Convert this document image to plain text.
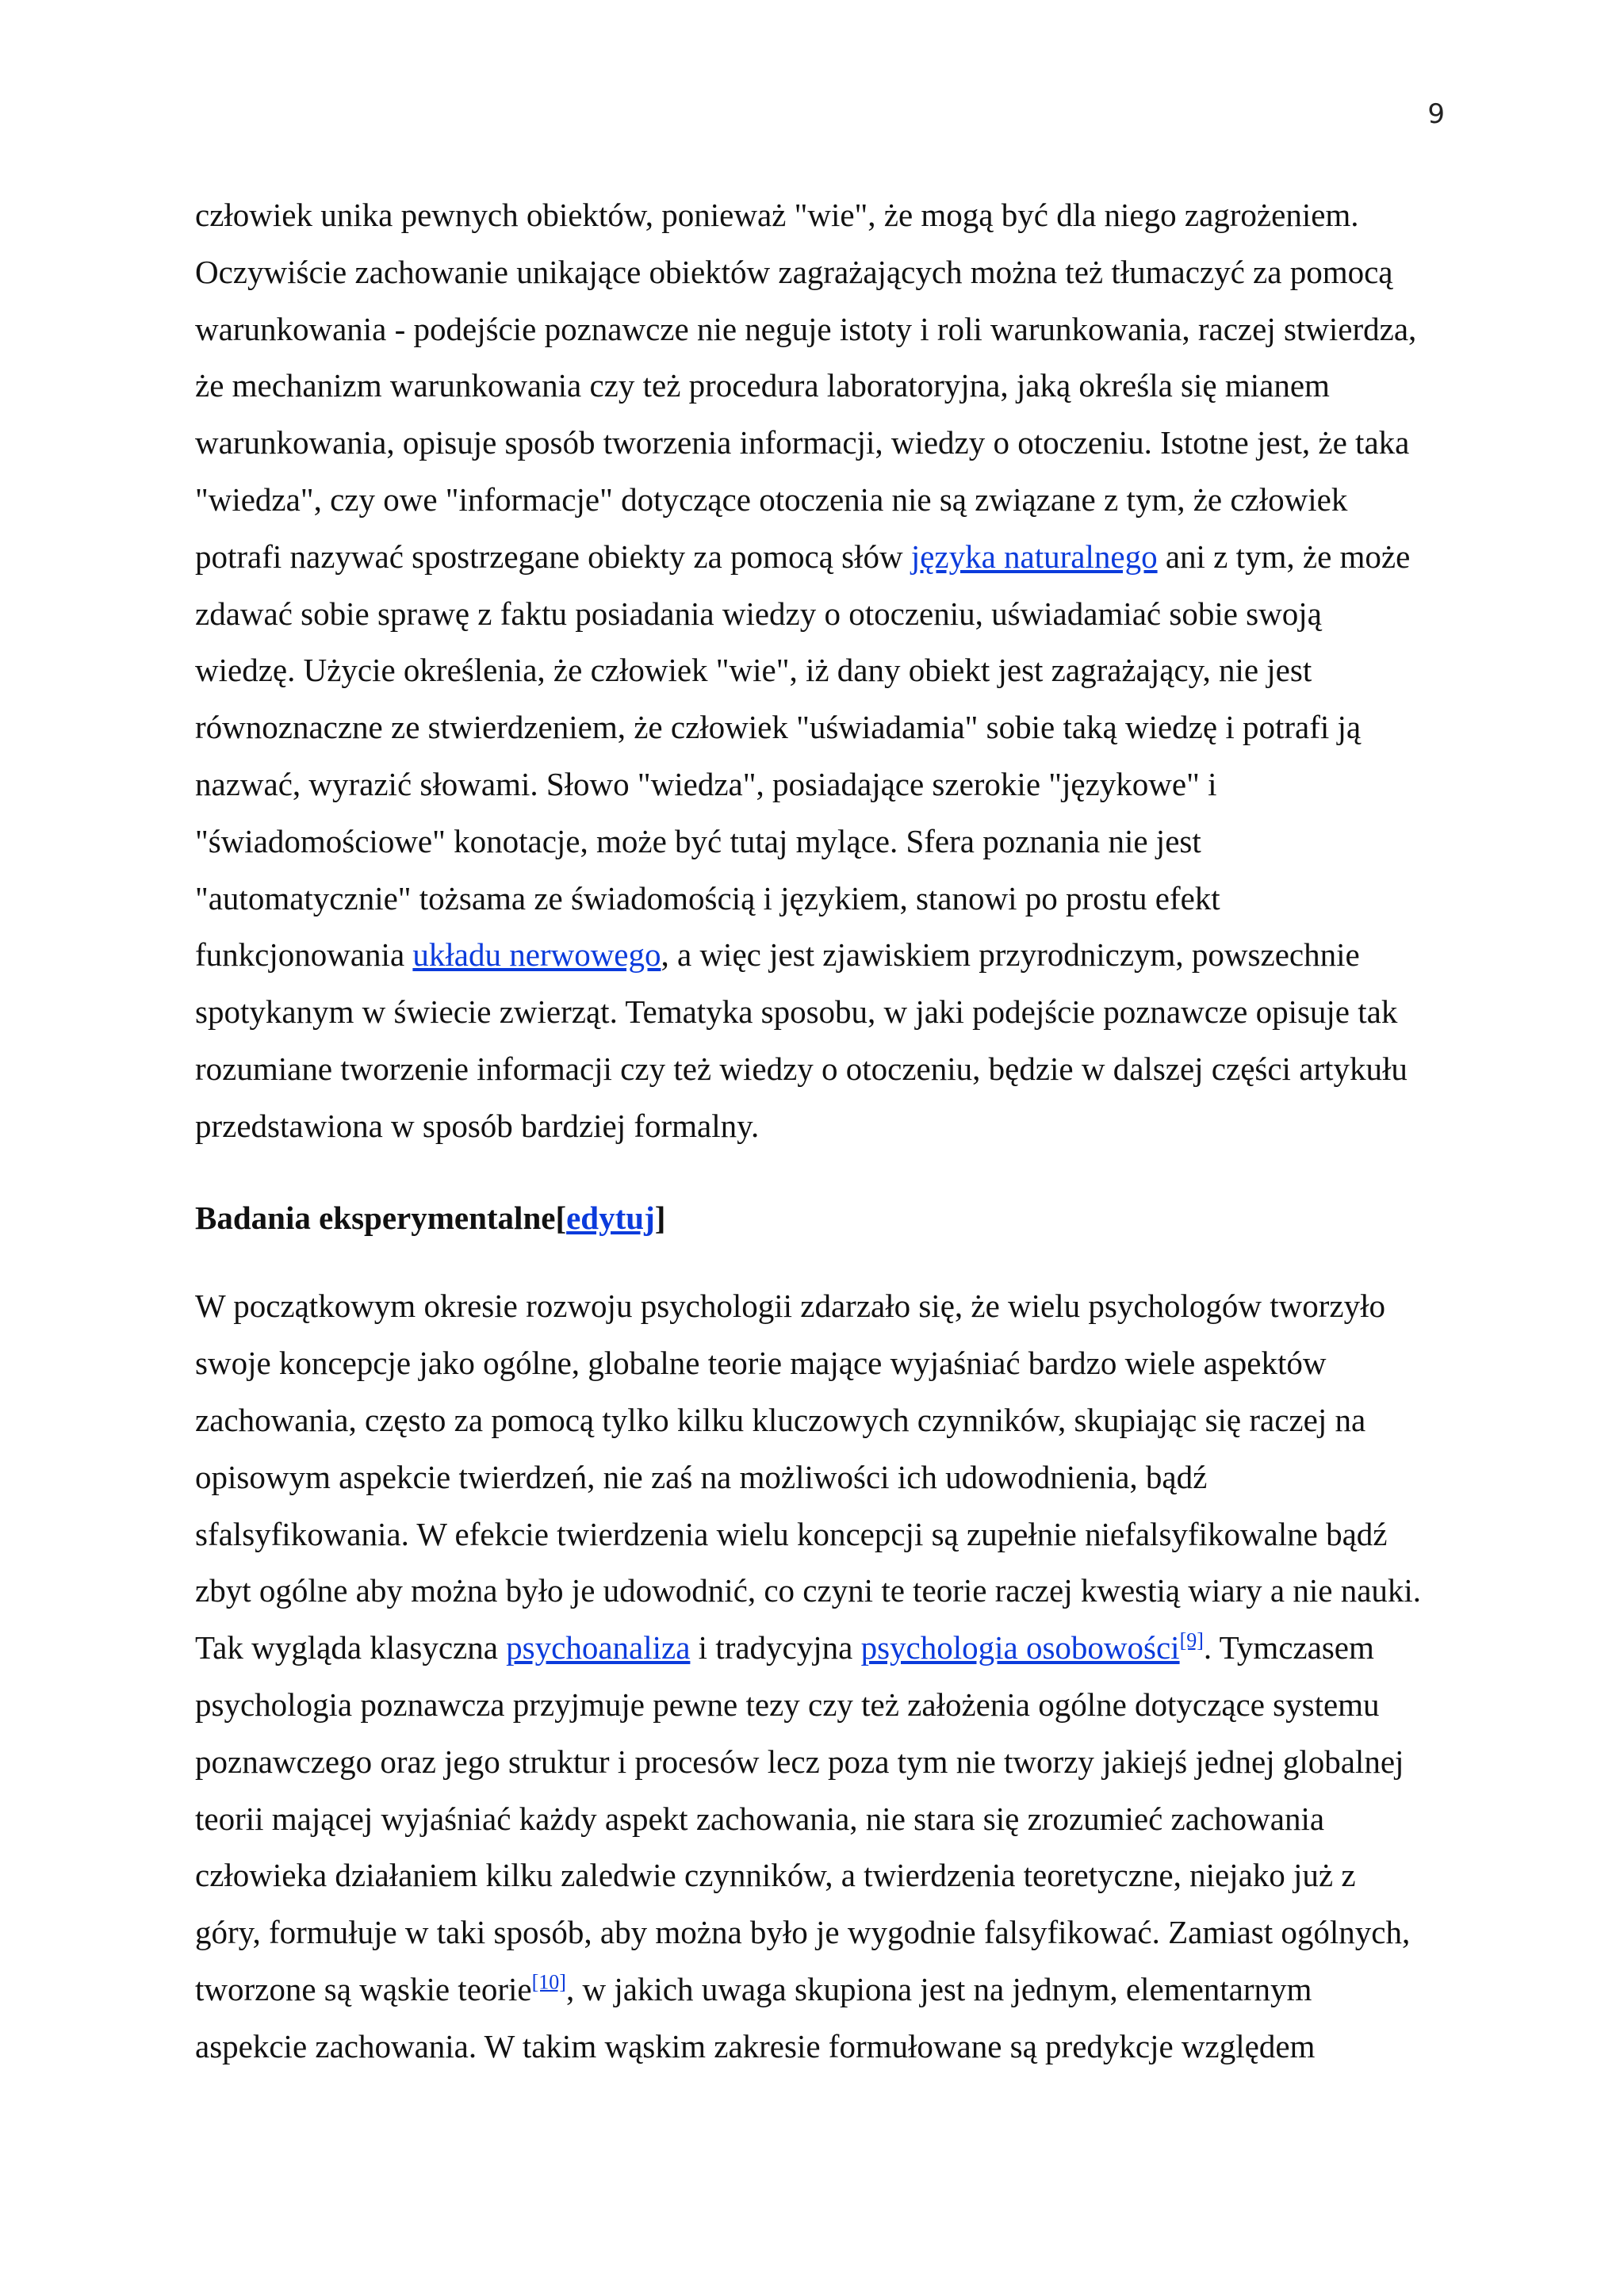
9

człowiek unika pewnych obiektów, ponieważ "wie", że mogą być dla niego zagrożeniem.
Oczywiście zachowanie unikające obiektów zagrażających można też tłumaczyć za pomocą
warunkowania - podejście poznawcze nie neguje istoty i roli warunkowania, raczej stwierdza,
że mechanizm warunkowania czy też procedura laboratoryjna, jaką określa się mianem
warunkowania, opisuje sposób tworzenia informacji, wiedzy o otoczeniu. Istotne jest, że taka
"wiedza", czy owe "informacje" dotyczące otoczenia nie są związane z tym, że człowiek
potrafi nazywać spostrzegane obiekty za pomocą słów języka naturalnego ani z tym, że może
zdawać sobie sprawę z faktu posiadania wiedzy o otoczeniu, uświadamiać sobie swoją
wiedzę. Użycie określenia, że człowiek "wie", iż dany obiekt jest zagrażający, nie jest
równoznaczne ze stwierdzeniem, że człowiek "uświadamia" sobie taką wiedzę i potrafi ją
nazwać, wyrazić słowami. Słowo "wiedza", posiadające szerokie "językowe" i
"świadomościowe" konotacje, może być tutaj mylące. Sfera poznania nie jest
"automatycznie" tożsama ze świadomością i językiem, stanowi po prostu efekt
funkcjonowania układu nerwowego, a więc jest zjawiskiem przyrodniczym, powszechnie
spotykanym w świecie zwierząt. Tematyka sposobu, w jaki podejście poznawcze opisuje tak
rozumiane tworzenie informacji czy też wiedzy o otoczeniu, będzie w dalszej części artykułu
przedstawiona w sposób bardziej formalny.

Badania eksperymentalne[edytuj]

W początkowym okresie rozwoju psychologii zdarzało się, że wielu psychologów tworzyło
swoje koncepcje jako ogólne, globalne teorie mające wyjaśniać bardzo wiele aspektów
zachowania, często za pomocą tylko kilku kluczowych czynników, skupiając się raczej na
opisowym aspekcie twierdzeń, nie zaś na możliwości ich udowodnienia, bądź
sfalsyfikowania. W efekcie twierdzenia wielu koncepcji są zupełnie niefalsyfikowalne bądź
zbyt ogólne aby można było je udowodnić, co czyni te teorie raczej kwestią wiary a nie nauki.
Tak wygląda klasyczna psychoanaliza i tradycyjna psychologia osobowości[9]. Tymczasem
psychologia poznawcza przyjmuje pewne tezy czy też założenia ogólne dotyczące systemu
poznawczego oraz jego struktur i procesów lecz poza tym nie tworzy jakiejś jednej globalnej
teorii mającej wyjaśniać każdy aspekt zachowania, nie stara się zrozumieć zachowania
człowieka działaniem kilku zaledwie czynników, a twierdzenia teoretyczne, niejako już z
góry, formułuje w taki sposób, aby można było je wygodnie falsyfikować. Zamiast ogólnych,
tworzone są wąskie teorie[10], w jakich uwaga skupiona jest na jednym, elementarnym
aspekcie zachowania. W takim wąskim zakresie formułowane są predykcje względem
